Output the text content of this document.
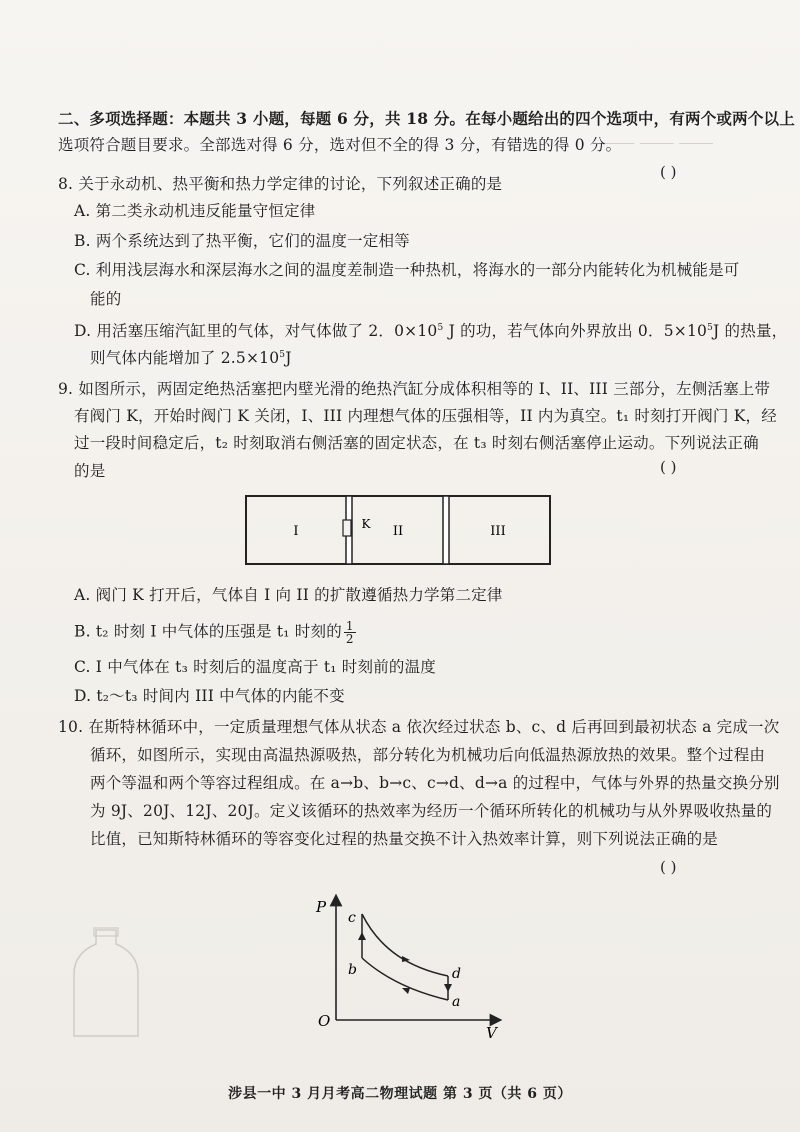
⸻ ⸻ ⸻
二、多项选择题：本题共 3 小题，每题 6 分，共 18 分。在每小题给出的四个选项中，有两个或两个以上
选项符合题目要求。全部选对得 6 分，选对但不全的得 3 分，有错选的得 0 分。
( )
8. 关于永动机、热平衡和热力学定律的讨论，下列叙述正确的是
A. 第二类永动机违反能量守恒定律
B. 两个系统达到了热平衡，它们的温度一定相等
C. 利用浅层海水和深层海水之间的温度差制造一种热机，将海水的一部分内能转化为机械能是可
能的
D. 用活塞压缩汽缸里的气体，对气体做了 2．$0\times 10^5$ J 的功，若气体向外界放出 0．$5\times 10^5J$ 的热量，
则气体内能增加了 $2.5\times 10^5J$
9. 如图所示，两固定绝热活塞把内壁光滑的绝热汽缸分成体积相等的 I、II、III 三部分，左侧活塞上带
有阀门 K，开始时阀门 K 关闭，I、III 内理想气体的压强相等，II 内为真空。t₁ 时刻打开阀门 K，经
过一段时间稳定后，t₂ 时刻取消右侧活塞的固定状态，在 t₃ 时刻右侧活塞停止运动。下列说法正确
的是	( )
I	K II	III
A. 阀门 K 打开后，气体自 I 向 II 的扩散遵循热力学第二定律
B. t₂ 时刻 I 中气体的压强是 t₁ 时刻的 $\frac{1}{2}$
C. I 中气体在 t₃ 时刻后的温度高于 t₁ 时刻前的温度
D. t₂～t₃ 时间内 III 中气体的内能不变
10. 在斯特林循环中，一定质量理想气体从状态 a 依次经过状态 b、c、d 后再回到最初状态 a 完成一次
循环，如图所示，实现由高温热源吸热，部分转化为机械功后向低温热源放热的效果。整个过程由
两个等温和两个等容过程组成。在 a→b、b→c、c→d、d→a 的过程中，气体与外界的热量交换分别
为 9J、20J、12J、20J。定义该循环的热效率为经历一个循环所转化的机械功与从外界吸收热量的
比值，已知斯特林循环的等容变化过程的热量交换不计入热效率计算，则下列说法正确的是
( )
P
V
O
c
b	d
a
涉县一中 3 月月考高二物理试题 第 3 页（共 6 页）
